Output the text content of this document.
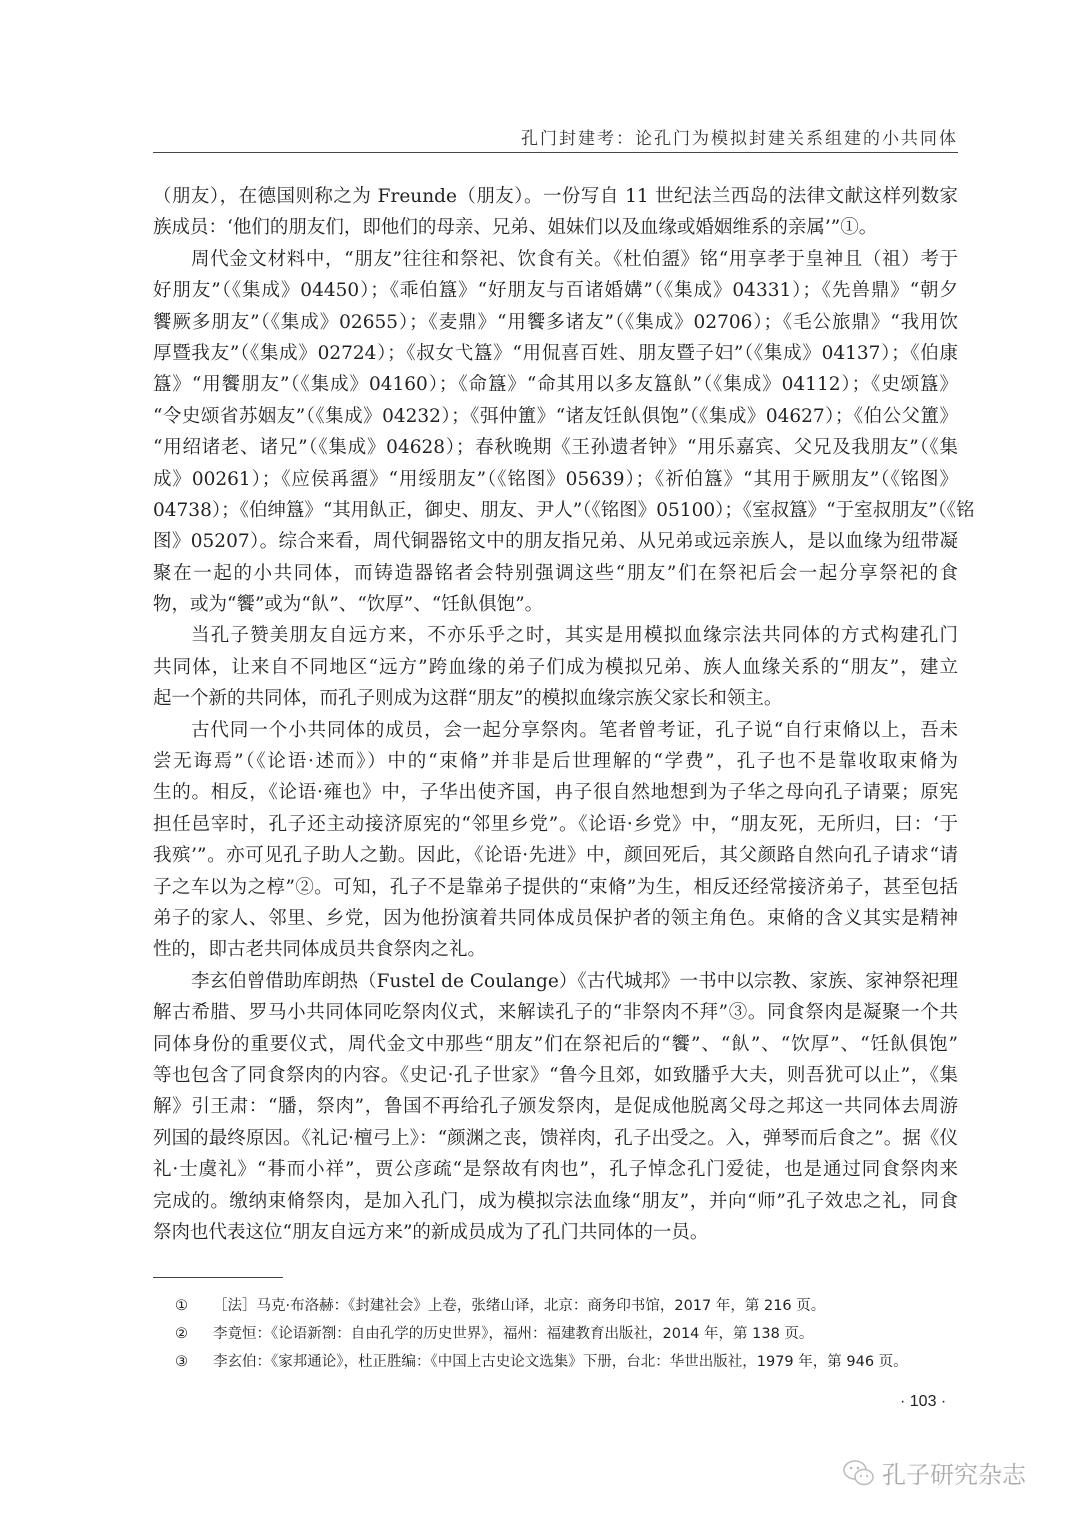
孔门封建考：论孔门为模拟封建关系组建的小共同体
（朋友），在德国则称之为 Freunde（朋友）。一份写自 11 世纪法兰西岛的法律文献这样列数家
族成员：‘他们的朋友们，即他们的母亲、兄弟、姐妹们以及血缘或婚姻维系的亲属’”①。
周代金文材料中，“朋友”往往和祭祀、饮食有关。《杜伯盨》铭“用享孝于皇神且（祖）考于
好朋友”（《集成》04450）；《乖伯簋》“好朋友与百诸婚媾”（《集成》04331）；《先兽鼎》“朝夕
饗厥多朋友”（《集成》02655）；《麦鼎》“用饗多诸友”（《集成》02706）；《毛公旅鼎》“我用饮
厚暨我友”（《集成》02724）；《叔女弋簋》“用侃喜百姓、朋友暨子妇”（《集成》04137）；《伯康
簋》“用饗朋友”（《集成》04160）；《命簋》“命其用以多友簋飤”（《集成》04112）；《史颂簋》
“令史颂省苏姻友”（《集成》04232）；《弭仲簠》“诸友饪飤俱饱”（《集成》04627）；《伯公父簠》
“用绍诸老、诸兄”（《集成》04628）；春秋晚期《王孙遗者钟》“用乐嘉宾、父兄及我朋友”（《集
成》00261）；《应侯爯盨》“用绥朋友”（《铭图》05639）；《祈伯簋》“其用于厥朋友”（《铭图》
04738）；《伯绅簋》“其用飤正，御史、朋友、尹人”（《铭图》05100）；《室叔簋》“于室叔朋友”（《铭
图》05207）。综合来看，周代铜器铭文中的朋友指兄弟、从兄弟或远亲族人，是以血缘为纽带凝
聚在一起的小共同体，而铸造器铭者会特别强调这些“朋友”们在祭祀后会一起分享祭祀的食
物，或为“饗”或为“飤”、“饮厚”、“饪飤俱饱”。
当孔子赞美朋友自远方来，不亦乐乎之时，其实是用模拟血缘宗法共同体的方式构建孔门
共同体，让来自不同地区“远方”跨血缘的弟子们成为模拟兄弟、族人血缘关系的“朋友”，建立
起一个新的共同体，而孔子则成为这群“朋友”的模拟血缘宗族父家长和领主。
古代同一个小共同体的成员，会一起分享祭肉。笔者曾考证，孔子说“自行束脩以上，吾未
尝无诲焉”（《论语·述而》）中的“束脩”并非是后世理解的“学费”，孔子也不是靠收取束脩为
生的。相反，《论语·雍也》中，子华出使齐国，冉子很自然地想到为子华之母向孔子请粟；原宪
担任邑宰时，孔子还主动接济原宪的“邻里乡党”。《论语·乡党》中，“朋友死，无所归，曰：‘于
我殡’”。亦可见孔子助人之勤。因此，《论语·先进》中，颜回死后，其父颜路自然向孔子请求“请
子之车以为之椁”②。可知，孔子不是靠弟子提供的“束脩”为生，相反还经常接济弟子，甚至包括
弟子的家人、邻里、乡党，因为他扮演着共同体成员保护者的领主角色。束脩的含义其实是精神
性的，即古老共同体成员共食祭肉之礼。
李玄伯曾借助库朗热（Fustel de Coulange）《古代城邦》一书中以宗教、家族、家神祭祀理
解古希腊、罗马小共同体同吃祭肉仪式，来解读孔子的“非祭肉不拜”③。同食祭肉是凝聚一个共
同体身份的重要仪式，周代金文中那些“朋友”们在祭祀后的“饗”、“飤”、“饮厚”、“饪飤俱饱”
等也包含了同食祭肉的内容。《史记·孔子世家》“鲁今且郊，如致膰乎大夫，则吾犹可以止”，《集
解》引王肃：“膰，祭肉”，鲁国不再给孔子颁发祭肉，是促成他脱离父母之邦这一共同体去周游
列国的最终原因。《礼记·檀弓上》：“颜渊之丧，馈祥肉，孔子出受之。入，弹琴而后食之”。据《仪
礼·士虞礼》“朞而小祥”，贾公彦疏“是祭故有肉也”，孔子悼念孔门爱徒，也是通过同食祭肉来
完成的。缴纳束脩祭肉，是加入孔门，成为模拟宗法血缘“朋友”，并向“师”孔子效忠之礼，同食
祭肉也代表这位“朋友自远方来”的新成员成为了孔门共同体的一员。
① ［法］马克·布洛赫：《封建社会》上卷，张绪山译，北京：商务印书馆，2017 年，第 216 页。
② 李竟恒：《论语新劄：自由孔学的历史世界》，福州：福建教育出版社，2014 年，第 138 页。
③ 李玄伯：《家邦通论》，杜正胜编：《中国上古史论文选集》下册，台北：华世出版社，1979 年，第 946 页。
· 103 ·
孔子研究杂志
